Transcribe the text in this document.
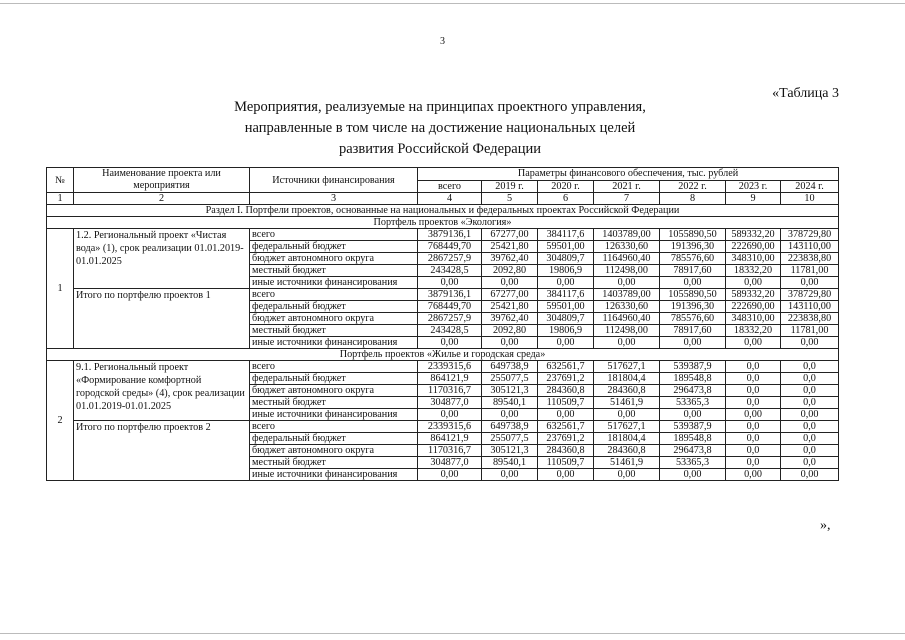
3
«Таблица 3
Мероприятия, реализуемые на принципах проектного управления,
направленные в том числе на достижение национальных целей
развития Российской Федерации
№	Наименование проекта или мероприятия	Источники финансирования	Параметры финансового обеспечения, тыс. рублей						
			всего	2019 г.	2020 г.	2021 г.	2022 г.	2023 г.	2024 г.
1	2	3	4	5	6	7	8	9	10
Раздел I. Портфели проектов, основанные на национальных и федеральных проектах Российской Федерации									
Портфель проектов «Экология»									
1	1.2. Региональный проект «Чистая вода» (1), срок реализации 01.01.2019-01.01.2025	всего	3879136,1	67277,00	384117,6	1403789,00	1055890,50	589332,20	378729,80
		федеральный бюджет	768449,70	25421,80	59501,00	126330,60	191396,30	222690,00	143110,00
		бюджет автономного округа	2867257,9	39762,40	304809,7	1164960,40	785576,60	348310,00	223838,80
		местный бюджет	243428,5	2092,80	19806,9	112498,00	78917,60	18332,20	11781,00
		иные источники финансирования	0,00	0,00	0,00	0,00	0,00	0,00	0,00
	Итого по портфелю проектов 1	всего	3879136,1	67277,00	384117,6	1403789,00	1055890,50	589332,20	378729,80
		федеральный бюджет	768449,70	25421,80	59501,00	126330,60	191396,30	222690,00	143110,00
		бюджет автономного округа	2867257,9	39762,40	304809,7	1164960,40	785576,60	348310,00	223838,80
		местный бюджет	243428,5	2092,80	19806,9	112498,00	78917,60	18332,20	11781,00
		иные источники финансирования	0,00	0,00	0,00	0,00	0,00	0,00	0,00
Портфель проектов «Жилье и городская среда»									
2	9.1. Региональный проект «Формирование комфортной городской среды» (4), срок реализации 01.01.2019-01.01.2025	всего	2339315,6	649738,9	632561,7	517627,1	539387,9	0,0	0,0
		федеральный бюджет	864121,9	255077,5	237691,2	181804,4	189548,8	0,0	0,0
		бюджет автономного округа	1170316,7	305121,3	284360,8	284360,8	296473,8	0,0	0,0
		местный бюджет	304877,0	89540,1	110509,7	51461,9	53365,3	0,0	0,0
		иные источники финансирования	0,00	0,00	0,00	0,00	0,00	0,00	0,00
	Итого по портфелю проектов 2	всего	2339315,6	649738,9	632561,7	517627,1	539387,9	0,0	0,0
		федеральный бюджет	864121,9	255077,5	237691,2	181804,4	189548,8	0,0	0,0
		бюджет автономного округа	1170316,7	305121,3	284360,8	284360,8	296473,8	0,0	0,0
		местный бюджет	304877,0	89540,1	110509,7	51461,9	53365,3	0,0	0,0
		иные источники финансирования	0,00	0,00	0,00	0,00	0,00	0,00	0,00
»,
